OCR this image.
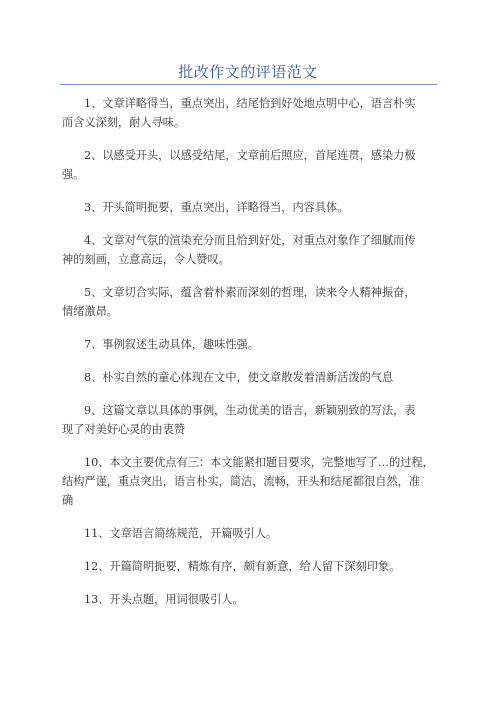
批改作文的评语范文

1、文章详略得当，重点突出，结尾恰到好处地点明中心，语言朴实
而含义深刻，耐人寻味。

2、以感受开头，以感受结尾，文章前后照应，首尾连贯，感染力极
强。

3、开头简明扼要，重点突出，详略得当，内容具体。

4、文章对气氛的渲染充分而且恰到好处，对重点对象作了细腻而传
神的刻画，立意高远，令人赞叹。

5、文章切合实际，蕴含着朴素而深刻的哲理，读来令人精神振奋，
情绪激昂。

7、事例叙述生动具体，趣味性强。

8、朴实自然的童心体现在文中，使文章散发着清新活泼的气息

9、这篇文章以具体的事例，生动优美的语言，新颖别致的写法，表
现了对美好心灵的由衷赞

10、本文主要优点有三：本文能紧扣题目要求，完整地写了…的过程，
结构严谨，重点突出，语言朴实，简洁，流畅，开头和结尾都很自然，准
确

11、文章语言简练规范，开篇吸引人。

12、开篇简明扼要，精炼有序，颇有新意，给人留下深刻印象。

13、开头点题，用词很吸引人。
